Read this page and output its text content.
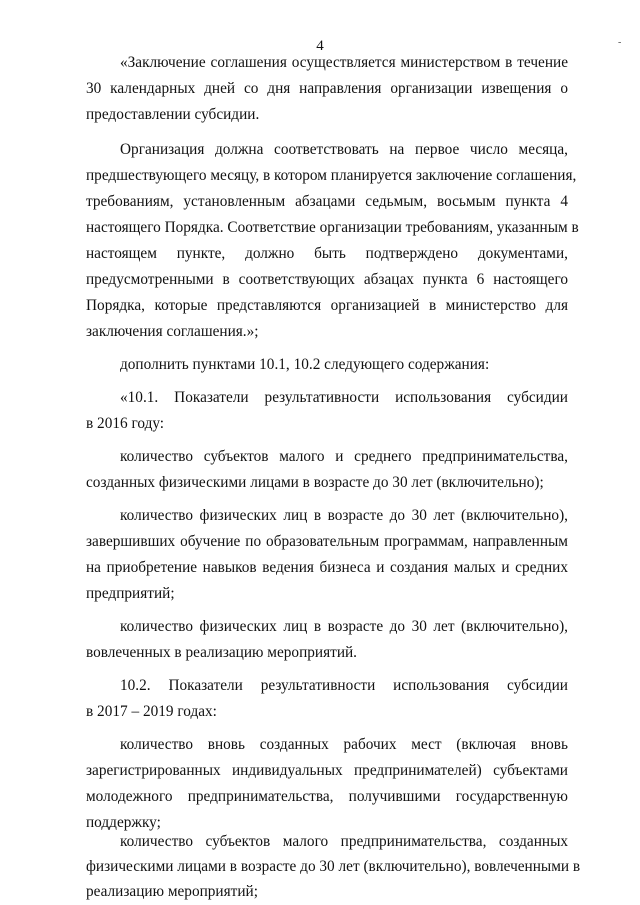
4	-
«Заключение соглашения осуществляется министерством в течение
30 календарных дней со дня направления организации извещения о
предоставлении субсидии.
Организация должна соответствовать на первое число месяца,
предшествующего месяцу, в котором планируется заключение соглашения,
требованиям, установленным абзацами седьмым, восьмым пункта 4
настоящего Порядка. Соответствие организации требованиям, указанным в
настоящем пункте, должно быть подтверждено документами,
предусмотренными в соответствующих абзацах пункта 6 настоящего
Порядка, которые представляются организацией в министерство для
заключения соглашения.»;
дополнить пунктами 10.1, 10.2 следующего содержания:
«10.1. Показатели результативности использования субсидии
в 2016 году:
количество субъектов малого и среднего предпринимательства,
созданных физическими лицами в возрасте до 30 лет (включительно);
количество физических лиц в возрасте до 30 лет (включительно),
завершивших обучение по образовательным программам, направленным
на приобретение навыков ведения бизнеса и создания малых и средних
предприятий;
количество физических лиц в возрасте до 30 лет (включительно),
вовлеченных в реализацию мероприятий.
10.2. Показатели результативности использования субсидии
в 2017 – 2019 годах:
количество вновь созданных рабочих мест (включая вновь
зарегистрированных индивидуальных предпринимателей) субъектами
молодежного предпринимательства, получившими государственную
поддержку;
количество субъектов малого предпринимательства, созданных
физическими лицами в возрасте до 30 лет (включительно), вовлеченными в
реализацию мероприятий;
